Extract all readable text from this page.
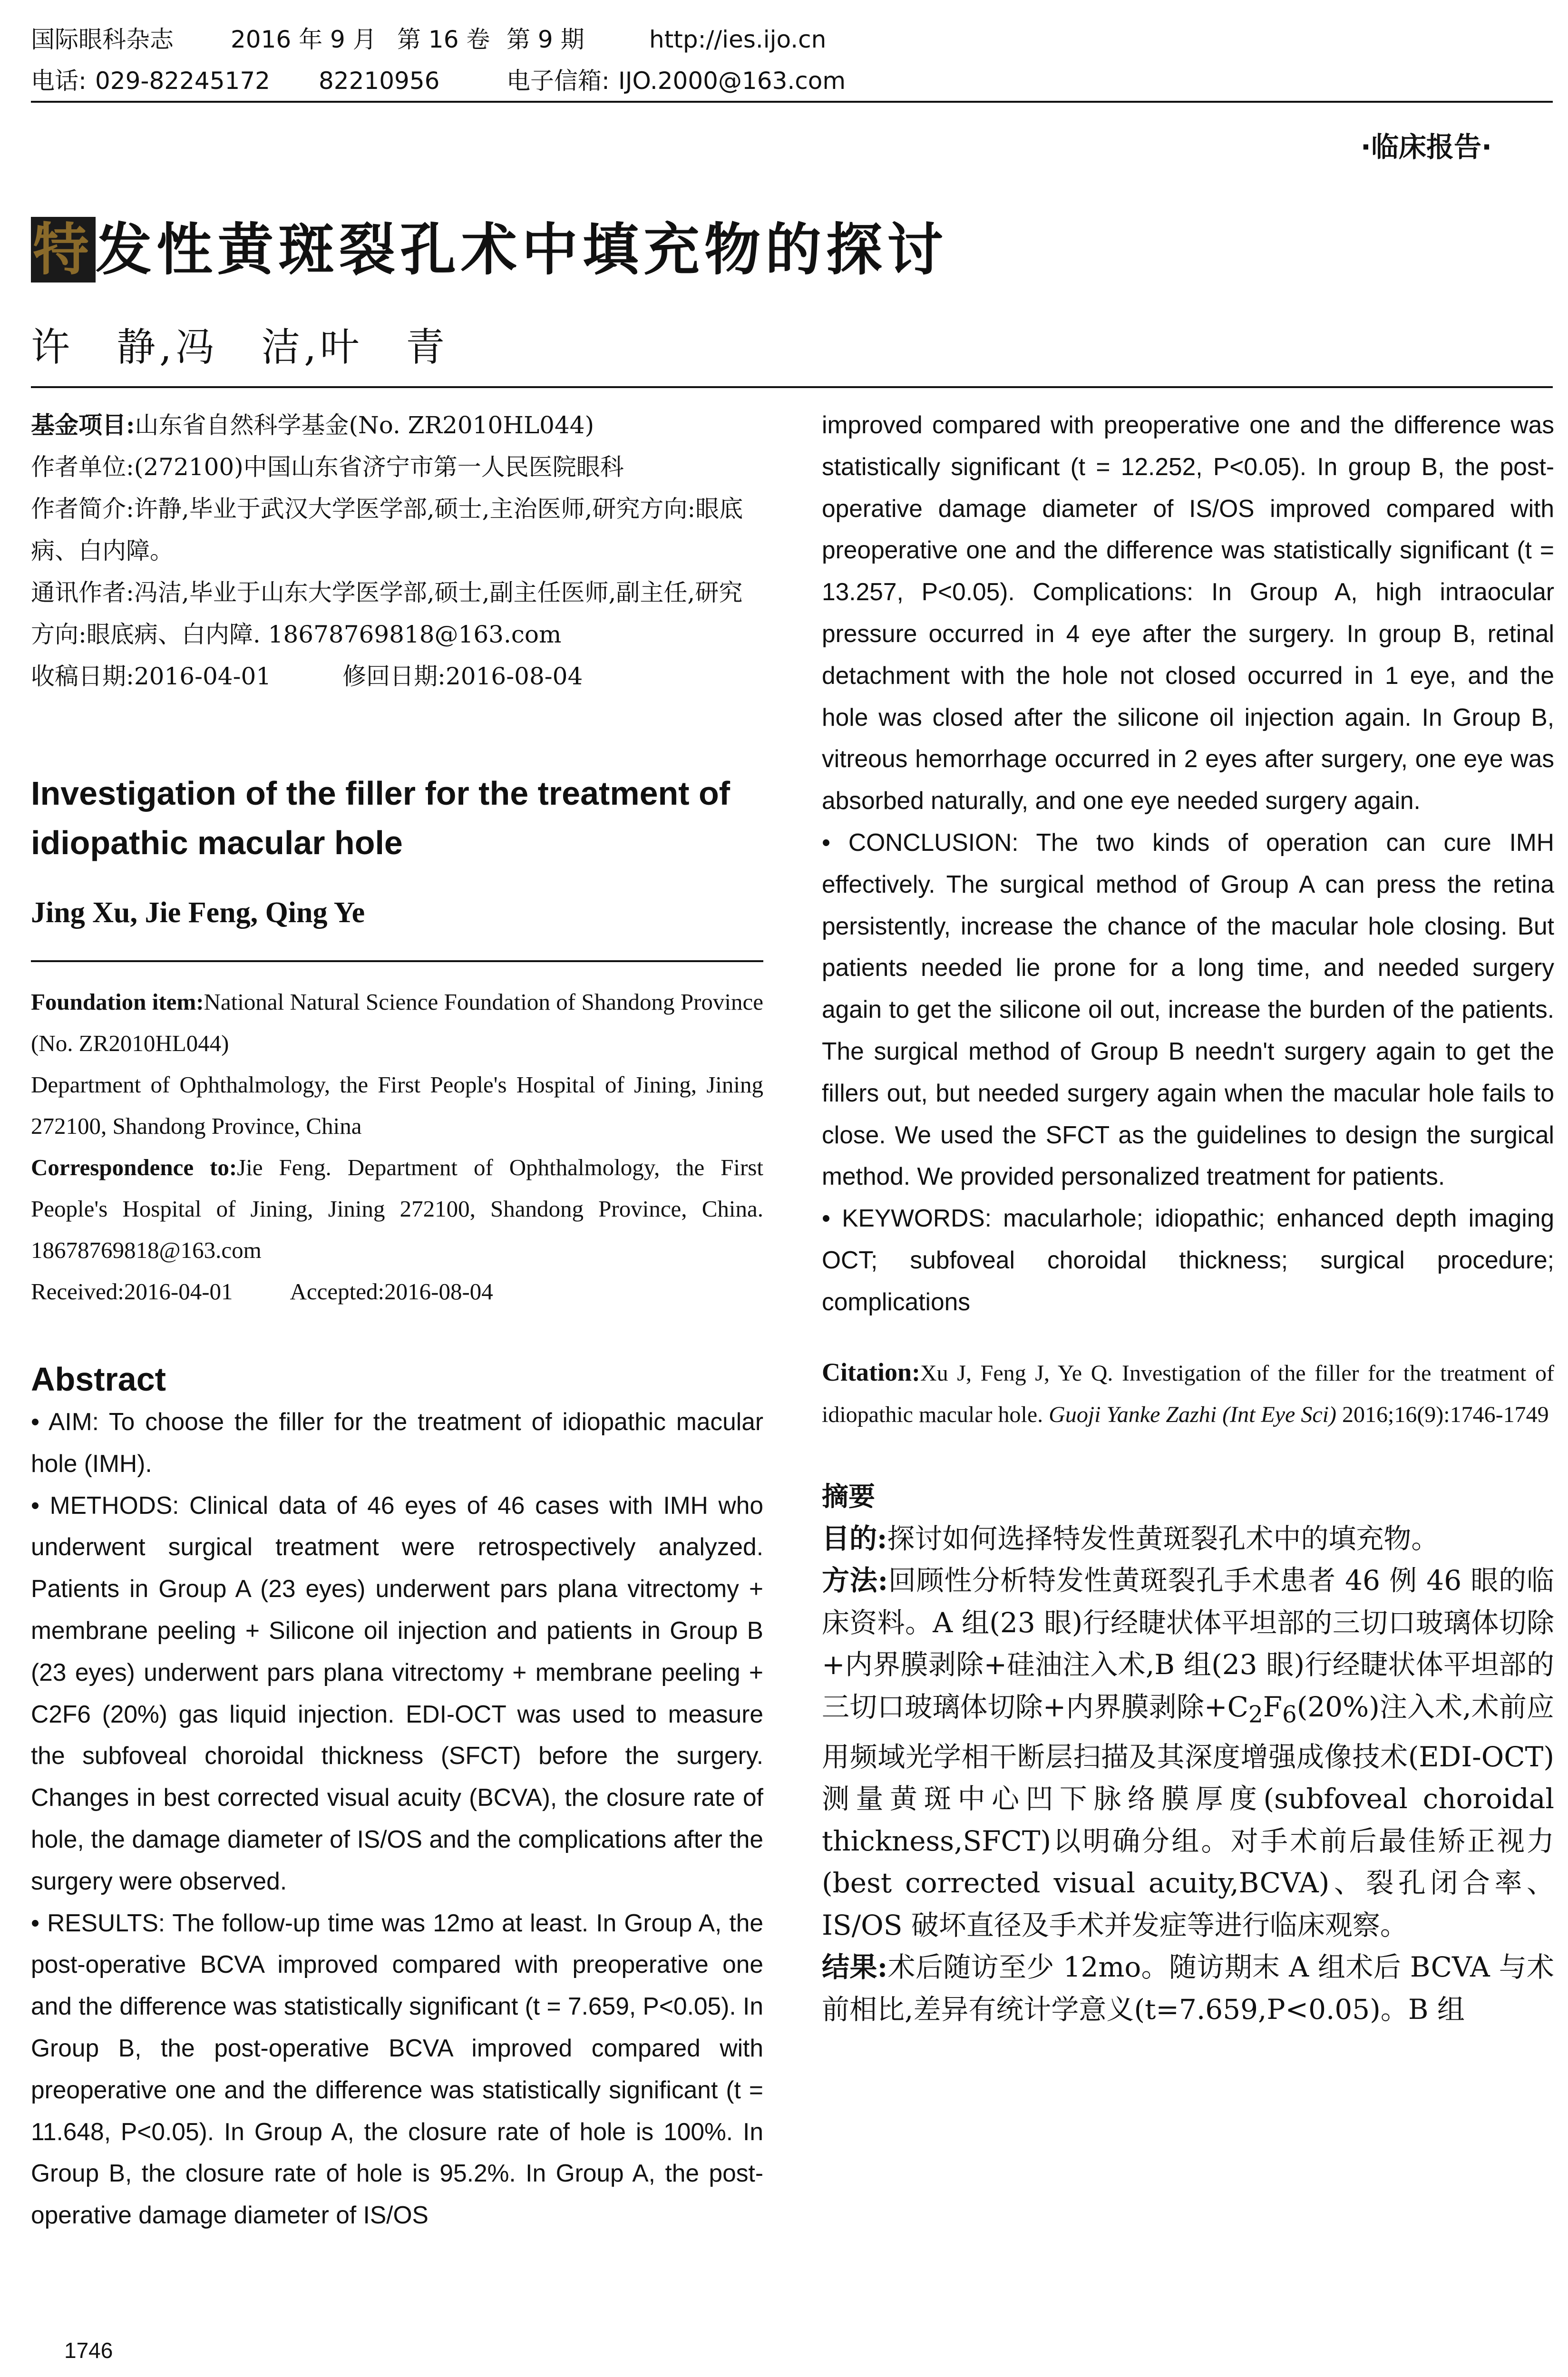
国际眼科杂志 2016 年 9 月 第 16 卷 第 9 期	http://ies.ijo.cn
电话: 029-82245172 82210956	电子信箱: IJO.2000@163.com
·临床报告·
特发性黄斑裂孔术中填充物的探讨
许　静,冯　洁,叶　青

基金项目:山东省自然科学基金(No. ZR2010HL044)

作者单位:(272100)中国山东省济宁市第一人民医院眼科

作者简介:许静,毕业于武汉大学医学部,硕士,主治医师,研究方向:眼底病、白内障。

通讯作者:冯洁,毕业于山东大学医学部,硕士,副主任医师,副主任,研究方向:眼底病、白内障. 18678769818@163.com

收稿日期:2016-04-01	修回日期:2016-08-04

Investigation of the filler for the treatment of idiopathic macular hole
Jing Xu, Jie Feng, Qing Ye

Foundation item:National Natural Science Foundation of Shandong Province (No. ZR2010HL044)

Department of Ophthalmology, the First People's Hospital of Jining, Jining 272100, Shandong Province, China

Correspondence to:Jie Feng. Department of Ophthalmology, the First People's Hospital of Jining, Jining 272100, Shandong Province, China. 18678769818@163.com

Received:2016-04-01 Accepted:2016-08-04

Abstract

• AIM: To choose the filler for the treatment of idiopathic macular hole (IMH).

• METHODS: Clinical data of 46 eyes of 46 cases with IMH who underwent surgical treatment were retrospectively analyzed. Patients in Group A (23 eyes) underwent pars plana vitrectomy + membrane peeling + Silicone oil injection and patients in Group B (23 eyes) underwent pars plana vitrectomy + membrane peeling + C2F6 (20%) gas liquid injection. EDI-OCT was used to measure the subfoveal choroidal thickness (SFCT) before the surgery. Changes in best corrected visual acuity (BCVA), the closure rate of hole, the damage diameter of IS/OS and the complications after the surgery were observed.

• RESULTS: The follow-up time was 12mo at least. In Group A, the post-operative BCVA improved compared with preoperative one and the difference was statistically significant (t = 7.659, P<0.05). In Group B, the post-operative BCVA improved compared with preoperative one and the difference was statistically significant (t = 11.648, P<0.05). In Group A, the closure rate of hole is 100%. In Group B, the closure rate of hole is 95.2%. In Group A, the post-operative damage diameter of IS/OS

improved compared with preoperative one and the difference was statistically significant (t = 12.252, P<0.05). In group B, the post-operative damage diameter of IS/OS improved compared with preoperative one and the difference was statistically significant (t = 13.257, P<0.05). Complications: In Group A, high intraocular pressure occurred in 4 eye after the surgery. In group B, retinal detachment with the hole not closed occurred in 1 eye, and the hole was closed after the silicone oil injection again. In Group B, vitreous hemorrhage occurred in 2 eyes after surgery, one eye was absorbed naturally, and one eye needed surgery again.

• CONCLUSION: The two kinds of operation can cure IMH effectively. The surgical method of Group A can press the retina persistently, increase the chance of the macular hole closing. But patients needed lie prone for a long time, and needed surgery again to get the silicone oil out, increase the burden of the patients. The surgical method of Group B needn't surgery again to get the fillers out, but needed surgery again when the macular hole fails to close. We used the SFCT as the guidelines to design the surgical method. We provided personalized treatment for patients.

• KEYWORDS: macularhole; idiopathic; enhanced depth imaging OCT; subfoveal choroidal thickness; surgical procedure; complications

Citation:Xu J, Feng J, Ye Q. Investigation of the filler for the treatment of idiopathic macular hole. Guoji Yanke Zazhi (Int Eye Sci) 2016;16(9):1746-1749

摘要

目的:探讨如何选择特发性黄斑裂孔术中的填充物。

方法:回顾性分析特发性黄斑裂孔手术患者 46 例 46 眼的临床资料。A 组(23 眼)行经睫状体平坦部的三切口玻璃体切除+内界膜剥除+硅油注入术,B 组(23 眼)行经睫状体平坦部的三切口玻璃体切除+内界膜剥除$+C_2F_6(20\%)$注入术,术前应用频域光学相干断层扫描及其深度增强成像技术(EDI-OCT)测量黄斑中心凹下脉络膜厚度(subfoveal choroidal thickness,SFCT)以明确分组。对手术前后最佳矫正视力(best corrected visual acuity,BCVA)、裂孔闭合率、IS/OS 破坏直径及手术并发症等进行临床观察。

结果:术后随访至少 12mo。随访期末 A 组术后 BCVA 与术前相比,差异有统计学意义(t=7.659,P<0.05)。B 组

1746
